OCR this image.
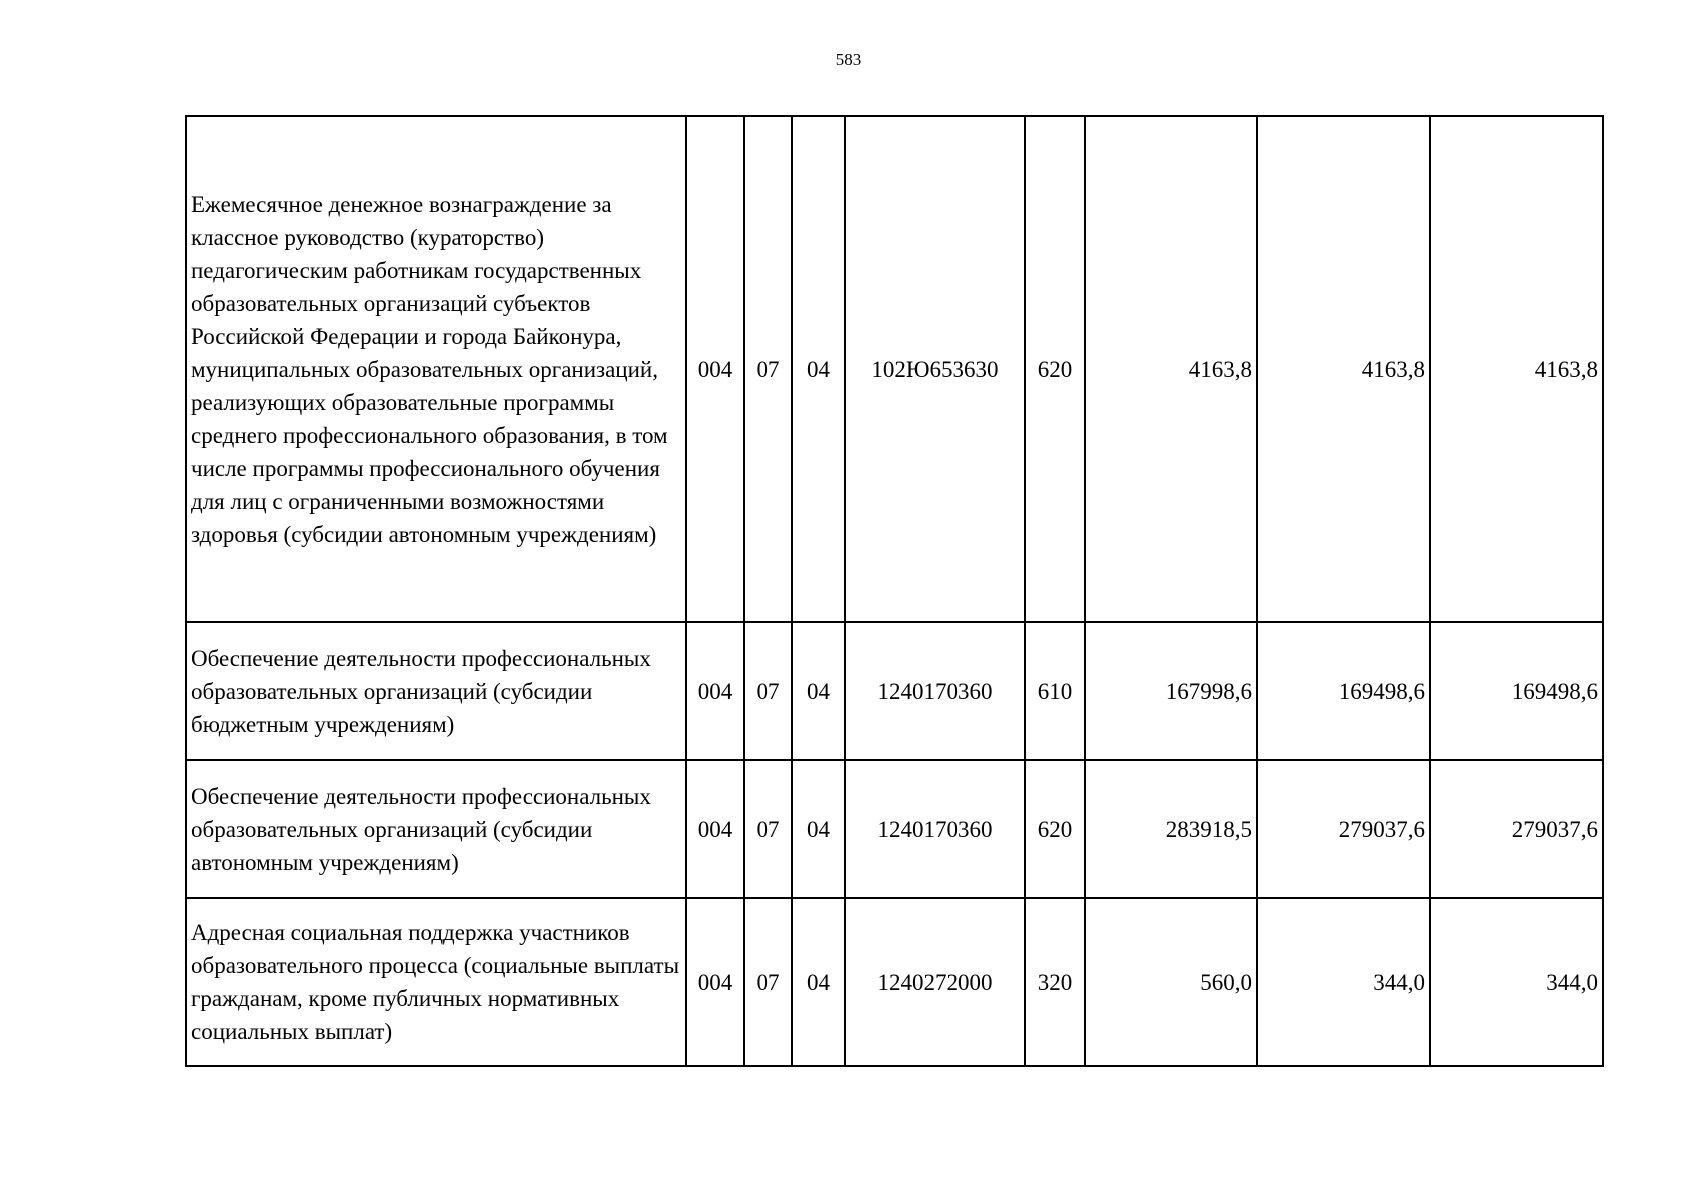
583
Ежемесячное денежное вознаграждение за классное руководство (кураторство) педагогическим работникам государственных образовательных организаций субъектов Российской Федерации и города Байконура, муниципальных образовательных организаций, реализующих образовательные программы среднего профессионального образования, в том числе программы профессионального обучения для лиц с ограниченными возможностями здоровья (субсидии автономным учреждениям)	004	07	04	102Ю653630	620	4163,8	4163,8	4163,8
Обеспечение деятельности профессиональных образовательных организаций (субсидии бюджетным учреждениям)	004	07	04	1240170360	610	167998,6	169498,6	169498,6
Обеспечение деятельности профессиональных образовательных организаций (субсидии автономным учреждениям)	004	07	04	1240170360	620	283918,5	279037,6	279037,6
Адресная социальная поддержка участников образовательного процесса (социальные выплаты гражданам, кроме публичных нормативных социальных выплат)	004	07	04	1240272000	320	560,0	344,0	344,0
